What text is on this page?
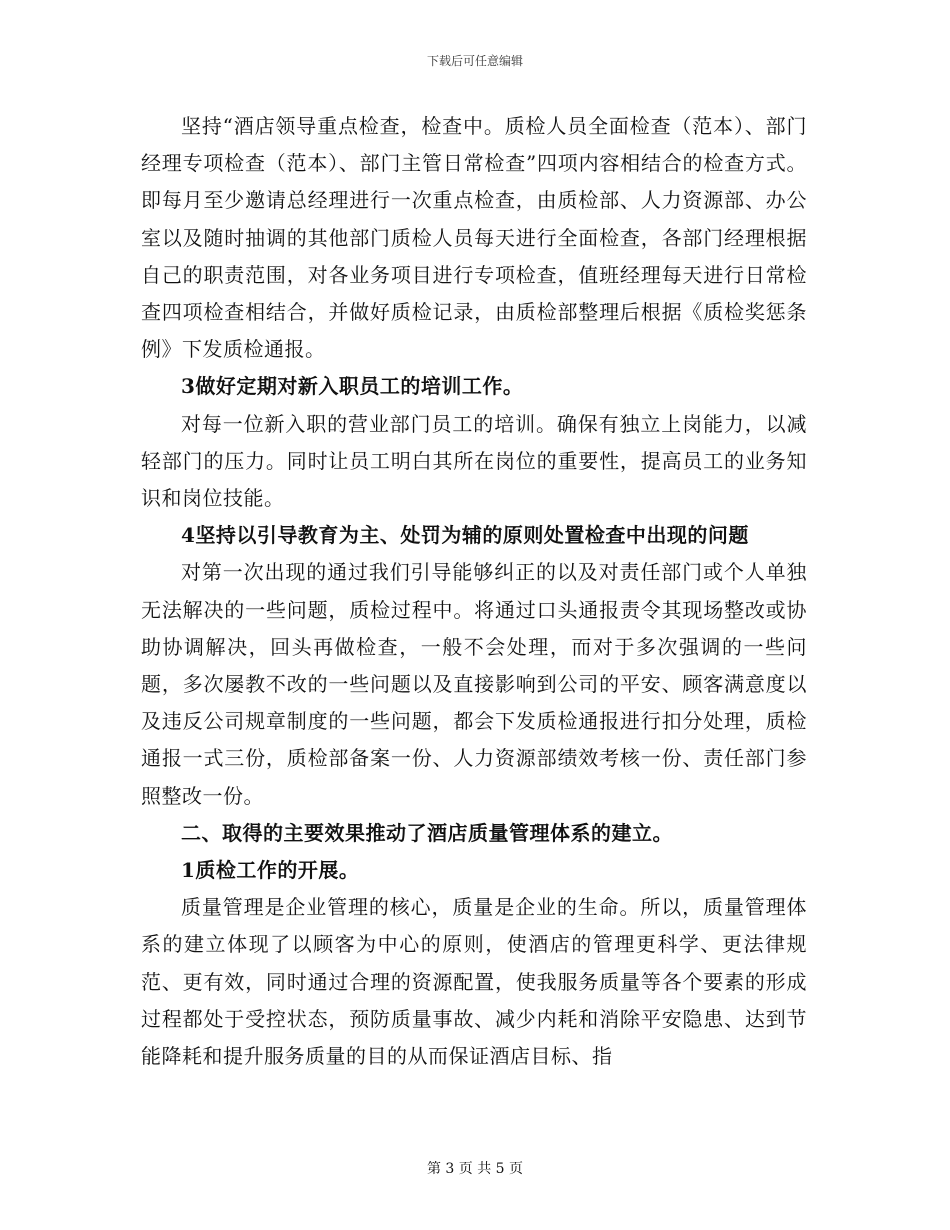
下载后可任意编辑

坚持“酒店领导重点检查，检查中。质检人员全面检查（范本）、部门经理专项检查（范本）、部门主管日常检查”四项内容相结合的检查方式。即每月至少邀请总经理进行一次重点检查，由质检部、人力资源部、办公室以及随时抽调的其他部门质检人员每天进行全面检查，各部门经理根据自己的职责范围，对各业务项目进行专项检查，值班经理每天进行日常检查四项检查相结合，并做好质检记录，由质检部整理后根据《质检奖惩条例》下发质检通报。

3做好定期对新入职员工的培训工作。

对每一位新入职的营业部门员工的培训。确保有独立上岗能力，以减轻部门的压力。同时让员工明白其所在岗位的重要性，提高员工的业务知识和岗位技能。

4坚持以引导教育为主、处罚为辅的原则处置检查中出现的问题

对第一次出现的通过我们引导能够纠正的以及对责任部门或个人单独无法解决的一些问题，质检过程中。将通过口头通报责令其现场整改或协助协调解决，回头再做检查，一般不会处理，而对于多次强调的一些问题，多次屡教不改的一些问题以及直接影响到公司的平安、顾客满意度以及违反公司规章制度的一些问题，都会下发质检通报进行扣分处理，质检通报一式三份，质检部备案一份、人力资源部绩效考核一份、责任部门参照整改一份。

二、取得的主要效果推动了酒店质量管理体系的建立。

1质检工作的开展。

质量管理是企业管理的核心，质量是企业的生命。所以，质量管理体系的建立体现了以顾客为中心的原则，使酒店的管理更科学、更法律规范、更有效，同时通过合理的资源配置，使我服务质量等各个要素的形成过程都处于受控状态，预防质量事故、减少内耗和消除平安隐患、达到节能降耗和提升服务质量的目的从而保证酒店目标、指

第 3 页 共 5 页
